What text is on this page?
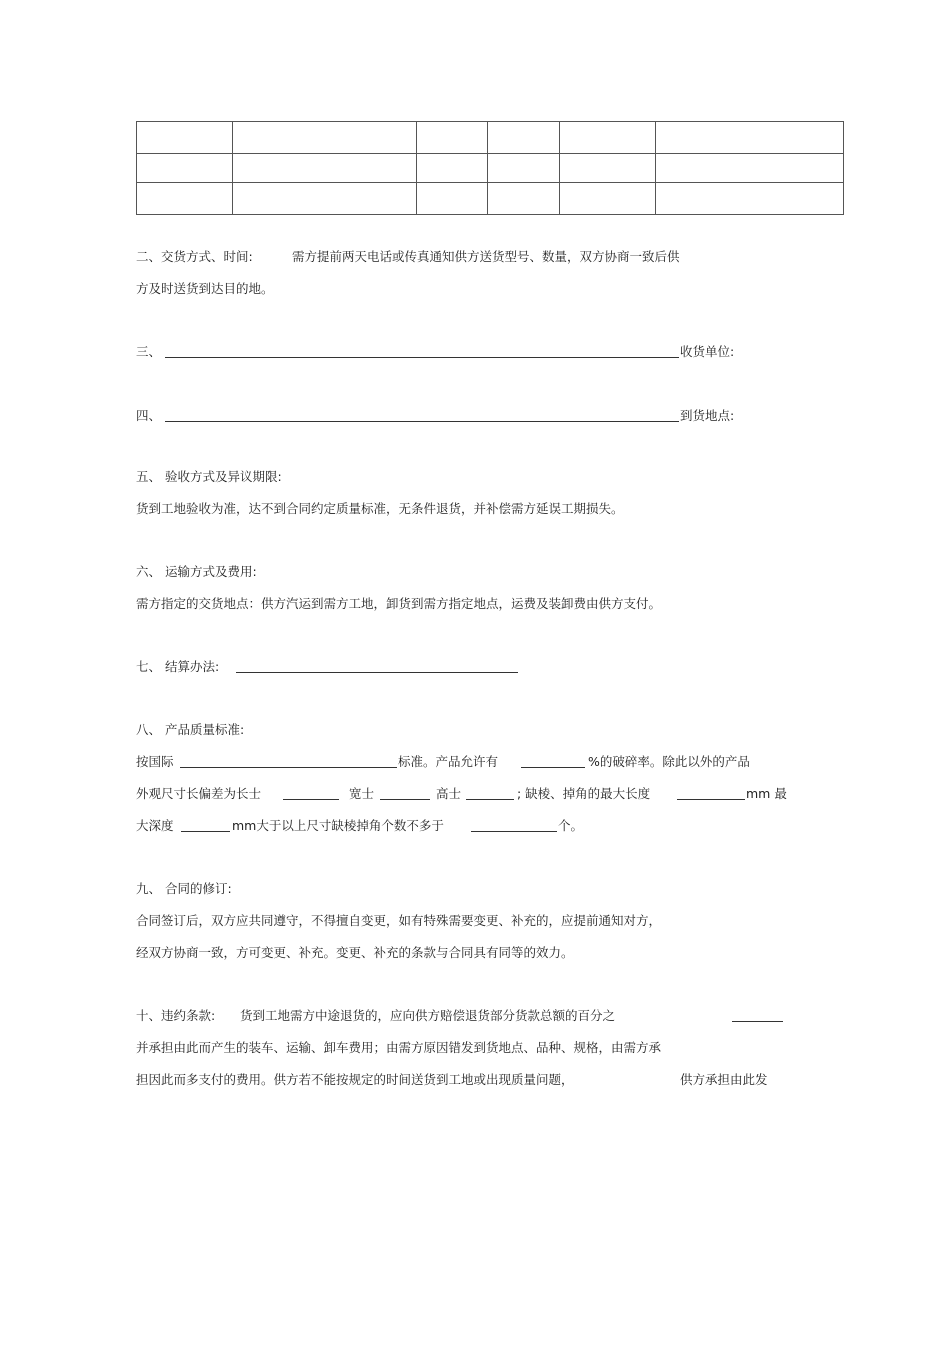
二、交货方式、时间:	需方提前两天电话或传真通知供方送货型号、数量，双方协商一致后供
方及时送货到达目的地。
三、	收货单位:
四、	到货地点:
五、 验收方式及异议期限:
货到工地验收为准，达不到合同约定质量标准，无条件退货，并补偿需方延误工期损失。
六、 运输方式及费用:
需方指定的交货地点：供方汽运到需方工地，卸货到需方指定地点，运费及装卸费由供方支付。
七、 结算办法:
八、 产品质量标准:
按国际	标准。产品允许有	%的破碎率。除此以外的产品
外观尺寸长偏差为长士	宽士	高士	; 缺棱、掉角的最大长度	mm 最
大深度	mm大于以上尺寸缺棱掉角个数不多于	个。
九、 合同的修订:
合同签订后，双方应共同遵守，不得擅自变更，如有特殊需要变更、补充的，应提前通知对方，
经双方协商一致，方可变更、补充。变更、补充的条款与合同具有同等的效力。
十、违约条款: 货到工地需方中途退货的，应向供方赔偿退货部分货款总额的百分之
并承担由此而产生的装车、运输、卸车费用；由需方原因错发到货地点、品种、规格，由需方承
担因此而多支付的费用。供方若不能按规定的时间送货到工地或出现质量问题，	供方承担由此发
